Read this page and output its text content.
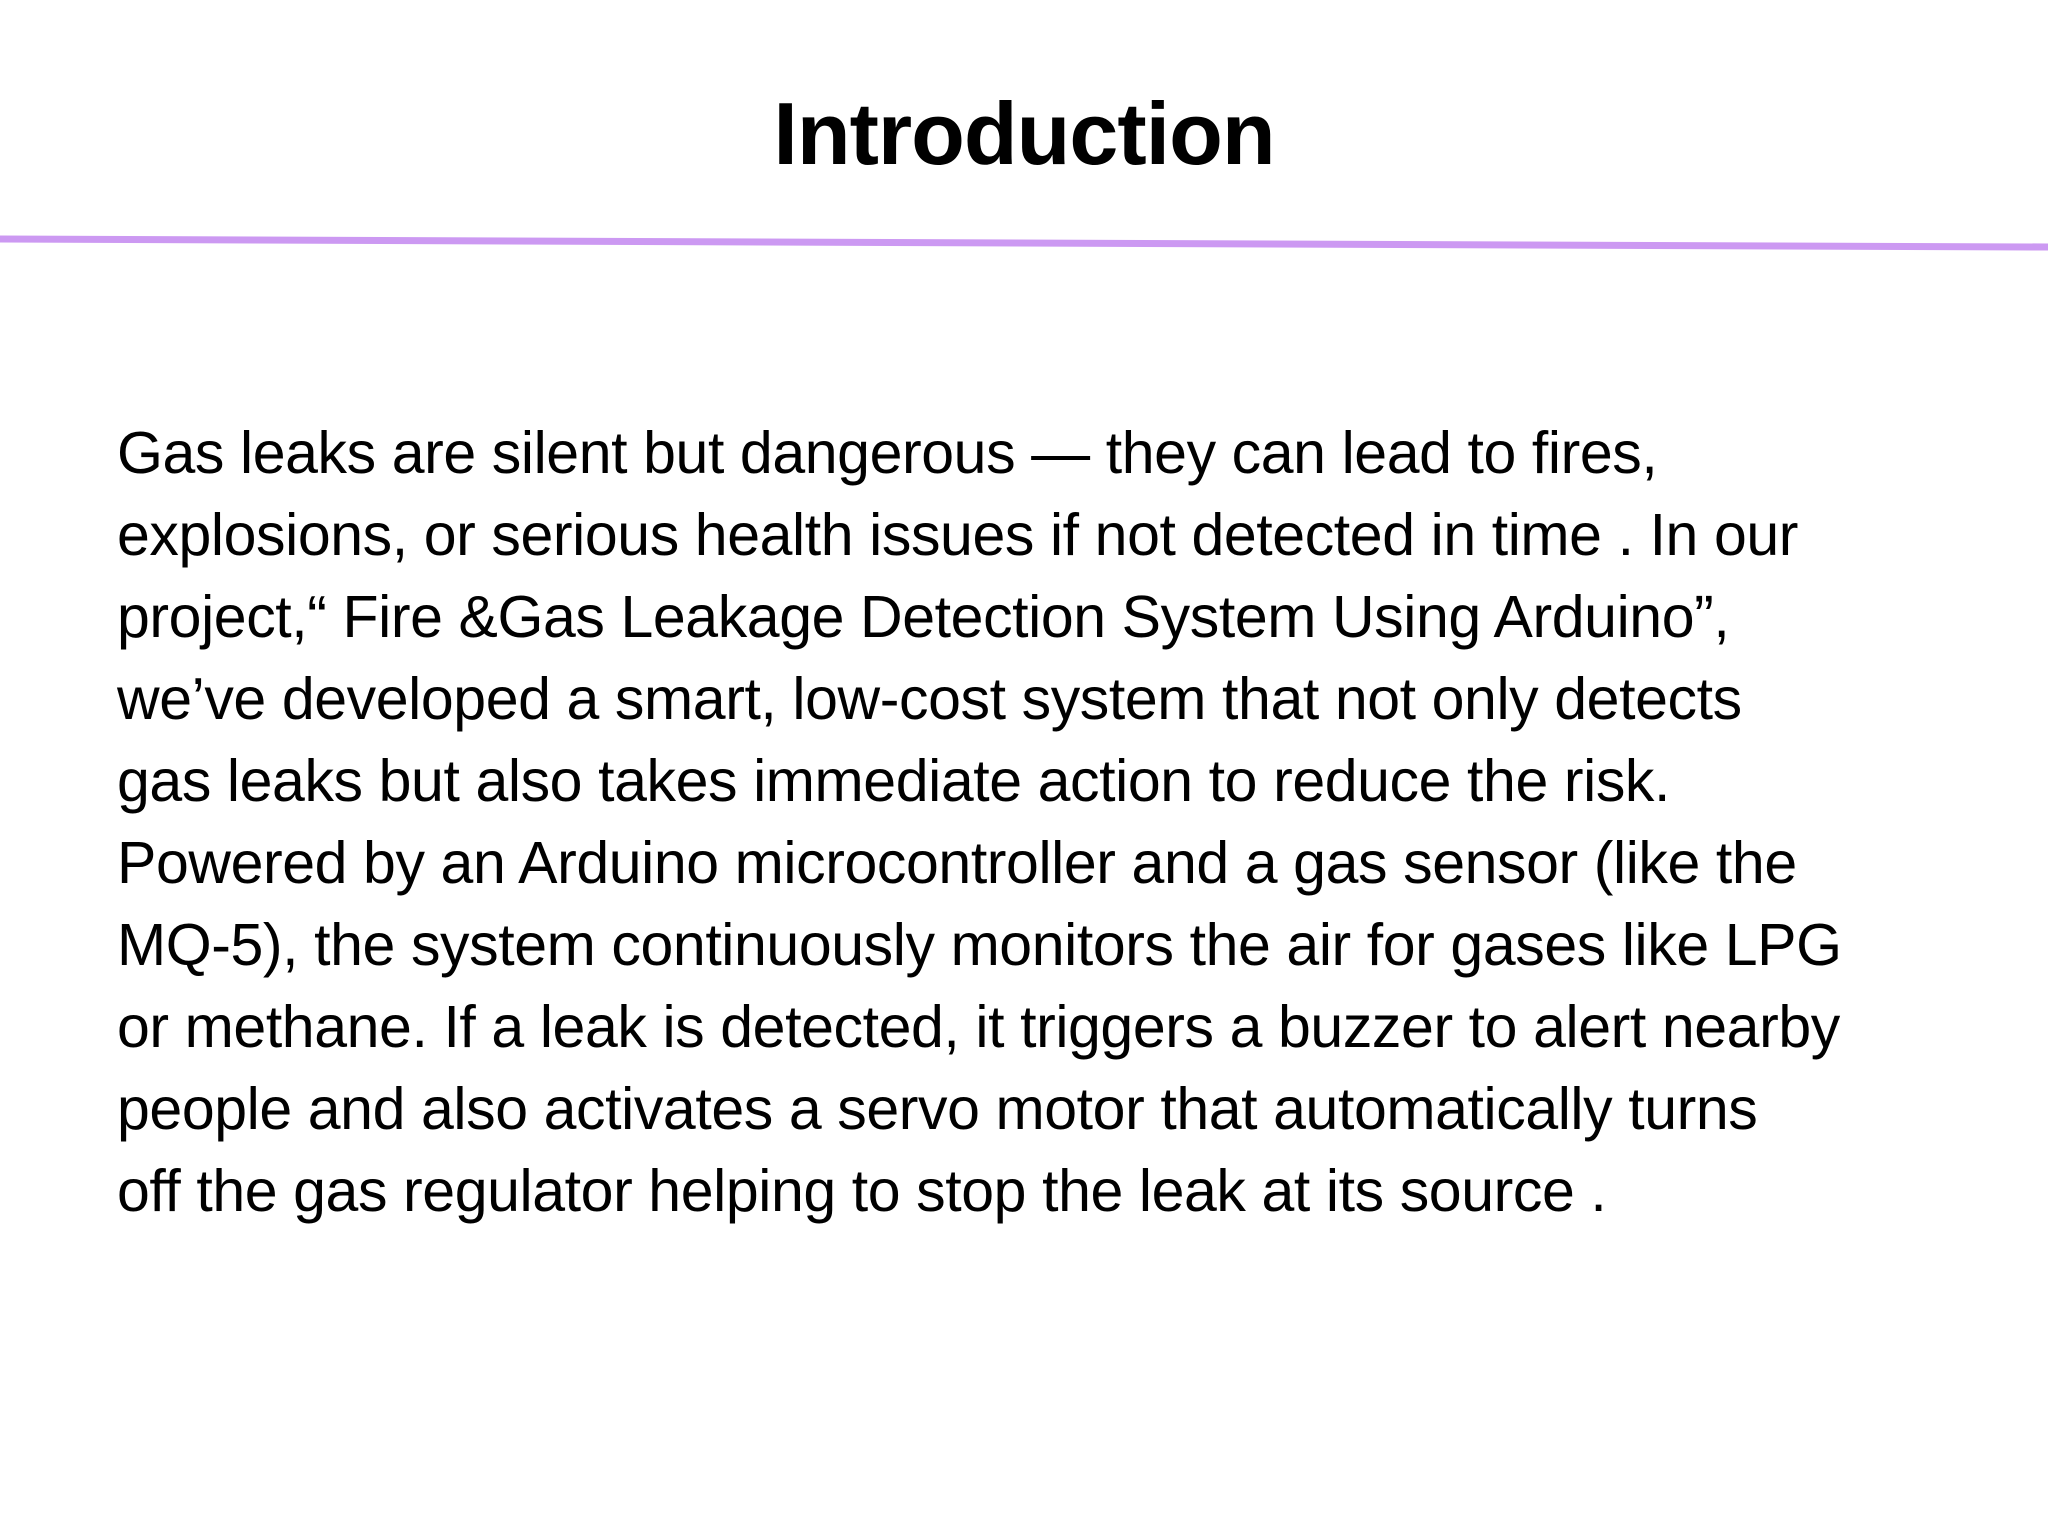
Introduction
Gas leaks are silent but dangerous — they can lead to fires,
explosions, or serious health issues if not detected in time . In our
project,“ Fire &Gas Leakage Detection System Using Arduino”,
we’ve developed a smart, low-cost system that not only detects
gas leaks but also takes immediate action to reduce the risk.
Powered by an Arduino microcontroller and a gas sensor (like the
MQ-5), the system continuously monitors the air for gases like LPG
or methane. If a leak is detected, it triggers a buzzer to alert nearby
people and also activates a servo motor that automatically turns
off the gas regulator helping to stop the leak at its source .
